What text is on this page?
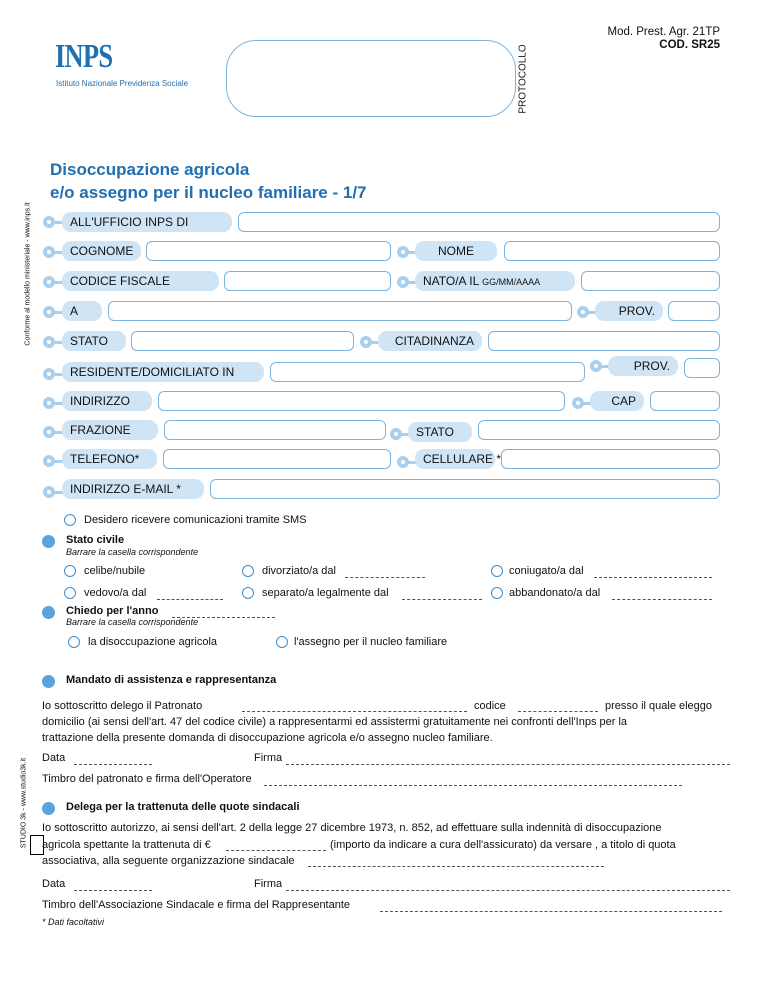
Mod. Prest. Agr. 21TP
COD. SR25
INPS
Istituto Nazionale Previdenza Sociale	PROTOCOLLO
Disoccupazione agricola
e/o assegno per il nucleo familiare - 1/7
Conforme al modello ministeriale - www.inps.it
STUDIO 3k - www.studio3k.it
ALL'UFFICIO INPS DI
COGNOME	NOME
CODICE FISCALE	NATO/A IL GG/MM/AAAA
A	PROV.
STATO	CITADINANZA
RESIDENTE/DOMICILIATO IN	PROV.
INDIRIZZO	CAP
FRAZIONE	STATO
TELEFONO*	CELLULARE *
INDIRIZZO E-MAIL *
Desidero ricevere comunicazioni tramite SMS
Stato civile
Barrare la casella corrispondente
celibe/nubile	divorziato/a dal	coniugato/a dal
vedovo/a dal	separato/a legalmente dal	abbandonato/a dal
Chiedo per l'anno
Barrare la casella corrispondente
la disoccupazione agricola	l'assegno per il nucleo familiare
Mandato di assistenza e rappresentanza
Io sottoscritto delego il Patronato	codice	presso il quale eleggo
domicilio (ai sensi dell'art. 47 del codice civile) a rappresentarmi ed assistermi gratuitamente nei confronti dell'Inps per la
trattazione della presente domanda di disoccupazione agricola e/o assegno nucleo familiare.
Data	Firma
Timbro del patronato e firma dell'Operatore
Delega per la trattenuta delle quote sindacali
Io sottoscritto autorizzo, ai sensi dell'art. 2 della legge 27 dicembre 1973, n. 852, ad effettuare sulla indennità di disoccupazione
agricola spettante la trattenuta di €	(importo da indicare a cura dell'assicurato) da versare , a titolo di quota
associativa, alla seguente organizzazione sindacale
Data	Firma
Timbro dell'Associazione Sindacale e firma del Rappresentante
* Dati facoltativi
